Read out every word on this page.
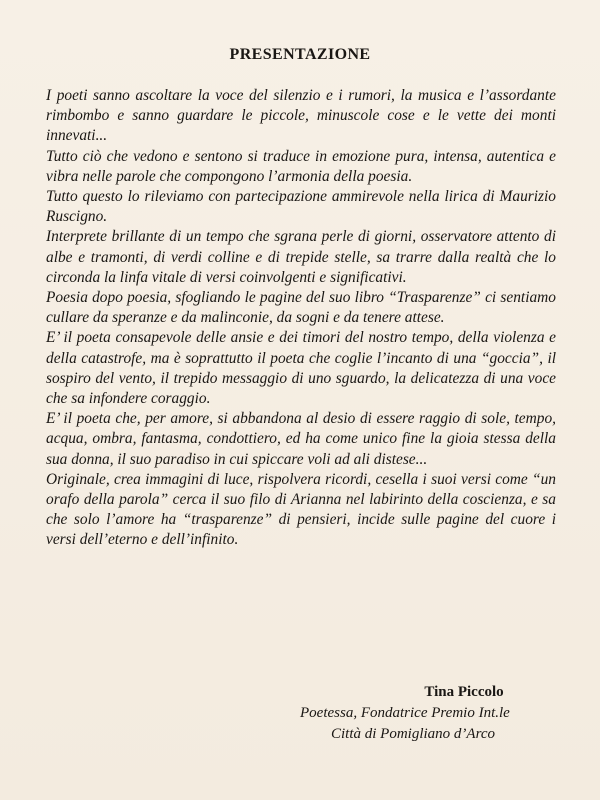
PRESENTAZIONE

I poeti sanno ascoltare la voce del silenzio e i rumori, la musica e l’assordante rimbombo e sanno guardare le piccole, minuscole cose e le vette dei monti innevati...

Tutto ciò che vedono e sentono si traduce in emozione pura, intensa, autentica e vibra nelle parole che compongono l’armonia della poesia.

Tutto questo lo rileviamo con partecipazione ammirevole nella lirica di Maurizio Ruscigno.

Interprete brillante di un tempo che sgrana perle di giorni, osservatore attento di albe e tramonti, di verdi colline e di trepide stelle, sa trarre dalla realtà che lo circonda la linfa vitale di versi coinvolgenti e significativi.

Poesia dopo poesia, sfogliando le pagine del suo libro “Trasparenze” ci sentiamo cullare da speranze e da malinconie, da sogni e da tenere attese.

E’ il poeta consapevole delle ansie e dei timori del nostro tempo, della violenza e della catastrofe, ma è soprattutto il poeta che coglie l’incanto di una “goccia”, il sospiro del vento, il trepido messaggio di uno sguardo, la delicatezza di una voce che sa infondere coraggio.

E’ il poeta che, per amore, si abbandona al desio di essere raggio di sole, tempo, acqua, ombra, fantasma, condottiero, ed ha come unico fine la gioia stessa della sua donna, il suo paradiso in cui spiccare voli ad ali distese...

Originale, crea immagini di luce, rispolvera ricordi, cesella i suoi versi come “un orafo della parola” cerca il suo filo di Arianna nel labirinto della coscienza, e sa che solo l’amore ha “trasparenze” di pensieri, incide sulle pagine del cuore i versi dell’eterno e dell’infinito.

Tina Piccolo
Poetessa, Fondatrice Premio Int.le
Città di Pomigliano d’Arco
